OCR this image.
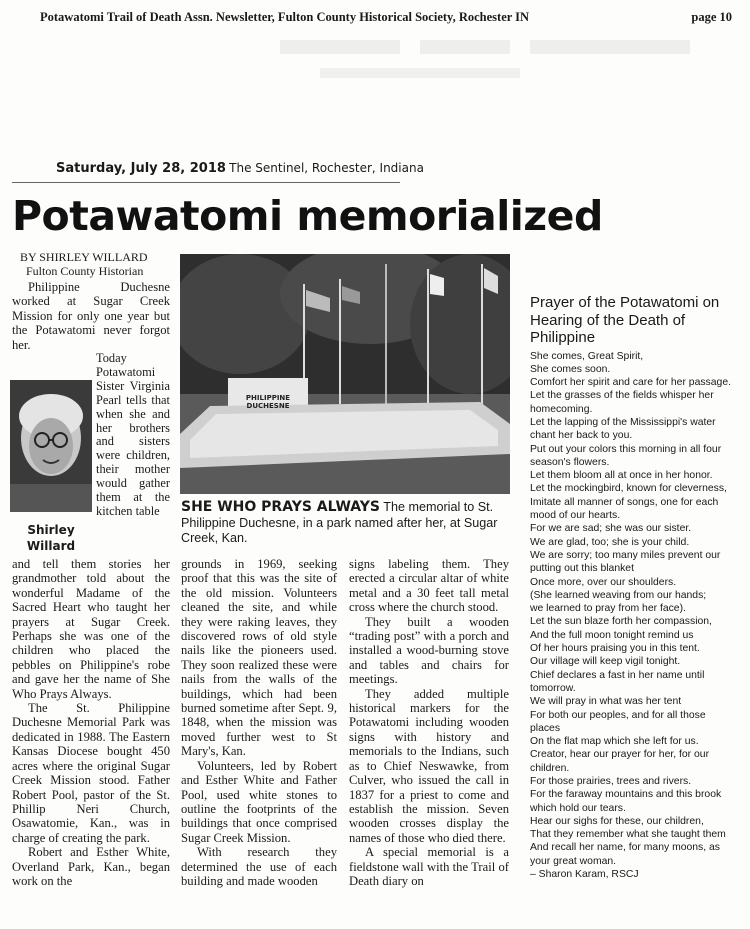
Potawatomi Trail of Death Assn. Newsletter, Fulton County Historical Society, Rochester IN	page 10
Saturday, July 28, 2018 The Sentinel, Rochester, Indiana
Potawatomi memorialized
BY SHIRLEY WILLARD
Fulton County Historian

Philippine Duchesne worked at Sugar Creek Mission for only one year but the Potawatomi never forgot her.

Today Potawatomi Sister Virginia Pearl tells that when she and her brothers and sisters were children, their mother would gather them at the kitchen table

Shirley
Willard

and tell them stories her grandmother told about the wonderful Madame of the Sacred Heart who taught her prayers at Sugar Creek. Perhaps she was one of the children who placed the pebbles on Philippine's robe and gave her the name of She Who Prays Always.

The St. Philippine Duchesne Memorial Park was dedicated in 1988. The Eastern Kansas Diocese bought 450 acres where the original Sugar Creek Mission stood. Father Robert Pool, pastor of the St. Phillip Neri Church, Osawatomie, Kan., was in charge of creating the park.

Robert and Esther White, Overland Park, Kan., began work on the

PHILIPPINE DUCHESNE
SHE WHO PRAYS ALWAYS The memorial to St. Philippine Duchesne, in a park named after her, at Sugar Creek, Kan.

grounds in 1969, seeking proof that this was the site of the old mission. Volunteers cleaned the site, and while they were raking leaves, they discovered rows of old style nails like the pioneers used. They soon realized these were nails from the walls of the buildings, which had been burned sometime after Sept. 9, 1848, when the mission was moved further west to St Mary's, Kan.

Volunteers, led by Robert and Esther White and Father Pool, used white stones to outline the footprints of the buildings that once comprised Sugar Creek Mission.

With research they determined the use of each building and made wooden

signs labeling them. They erected a circular altar of white metal and a 30 feet tall metal cross where the church stood.

They built a wooden “trading post” with a porch and installed a wood-burning stove and tables and chairs for meetings.

They added multiple historical markers for the Potawatomi including wooden signs with history and memorials to the Indians, such as to Chief Neswawke, from Culver, who issued the call in 1837 for a priest to come and establish the mission. Seven wooden crosses display the names of those who died there.

A special memorial is a fieldstone wall with the Trail of Death diary on

Prayer of the Potawatomi on Hearing of the Death of Philippine
She comes, Great Spirit,
She comes soon.
Comfort her spirit and care for her passage.
Let the grasses of the fields whisper her
homecoming.
Let the lapping of the Mississippi's water
chant her back to you.
Put out your colors this morning in all four
season's flowers.
Let them bloom all at once in her honor.
Let the mockingbird, known for cleverness,
Imitate all manner of songs, one for each
mood of our hearts.
For we are sad; she was our sister.
We are glad, too; she is your child.
We are sorry; too many miles prevent our
putting out this blanket
Once more, over our shoulders.
(She learned weaving from our hands;
we learned to pray from her face).
Let the sun blaze forth her compassion,
And the full moon tonight remind us
Of her hours praising you in this tent.
Our village will keep vigil tonight.
Chief declares a fast in her name until
tomorrow.
We will pray in what was her tent
For both our peoples, and for all those
places
On the flat map which she left for us.
Creator, hear our prayer for her, for our
children.
For those prairies, trees and rivers.
For the faraway mountains and this brook
which hold our tears.
Hear our sighs for these, our children,
That they remember what she taught them
And recall her name, for many moons, as
your great woman.
– Sharon Karam, RSCJ
